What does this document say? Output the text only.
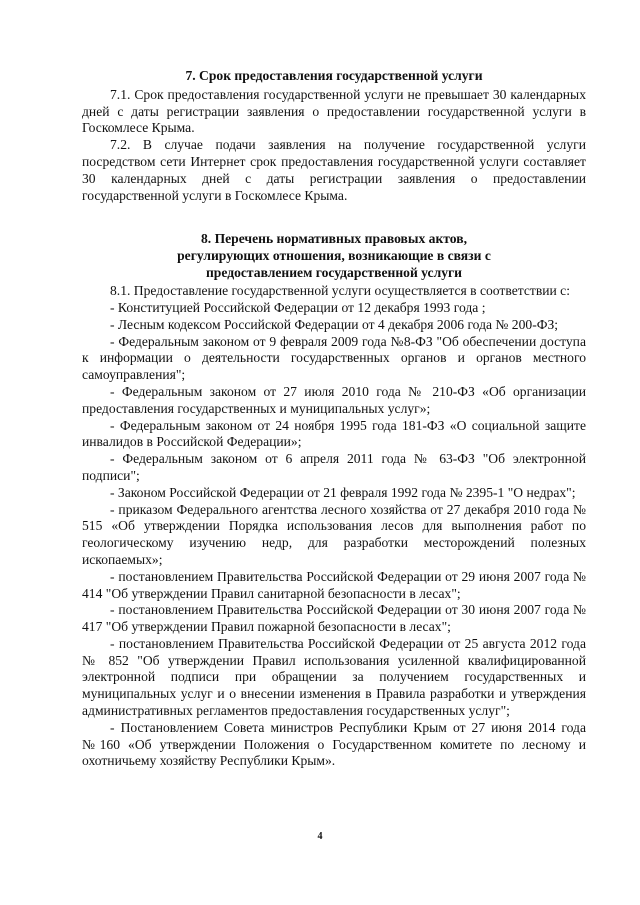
7. Срок предоставления государственной услуги

7.1. Срок предоставления государственной услуги не превышает 30 календарных дней с даты регистрации заявления о предоставлении государственной услуги в Госкомлесе Крыма.

7.2. В случае подачи заявления на получение государственной услуги посредством сети Интернет срок предоставления государственной услуги составляет 30 календарных дней с даты регистрации заявления о предоставлении государственной услуги в Госкомлесе Крыма.

8. Перечень нормативных правовых актов,

регулирующих отношения, возникающие в связи с

предоставлением государственной услуги

8.1. Предоставление государственной услуги осуществляется в соответствии с:

- Конституцией Российской Федерации от 12 декабря 1993 года ;

- Лесным кодексом Российской Федерации от 4 декабря 2006 года № 200-ФЗ;

- Федеральным законом от 9 февраля 2009 года №8-ФЗ "Об обеспечении доступа к информации о деятельности государственных органов и органов местного самоуправления";

- Федеральным законом от 27 июля 2010 года № 210-ФЗ «Об организации предоставления государственных и муниципальных услуг»;

- Федеральным законом от 24 ноября 1995 года 181-ФЗ «О социальной защите инвалидов в Российской Федерации»;

- Федеральным законом от 6 апреля 2011 года № 63-ФЗ "Об электронной подписи";

- Законом Российской Федерации от 21 февраля 1992 года № 2395-1 "О недрах";

- приказом Федерального агентства лесного хозяйства от 27 декабря 2010 года № 515 «Об утверждении Порядка использования лесов для выполнения работ по геологическому изучению недр, для разработки месторождений полезных ископаемых»;

- постановлением Правительства Российской Федерации от 29 июня 2007 года № 414 "Об утверждении Правил санитарной безопасности в лесах";

- постановлением Правительства Российской Федерации от 30 июня 2007 года № 417 "Об утверждении Правил пожарной безопасности в лесах";

- постановлением Правительства Российской Федерации от 25 августа 2012 года № 852 "Об утверждении Правил использования усиленной квалифицированной электронной подписи при обращении за получением государственных и муниципальных услуг и о внесении изменения в Правила разработки и утверждения административных регламентов предоставления государственных услуг";

- Постановлением Совета министров Республики Крым от 27 июня 2014 года №160 «Об утверждении Положения о Государственном комитете по лесному и охотничьему хозяйству Республики Крым».

4
